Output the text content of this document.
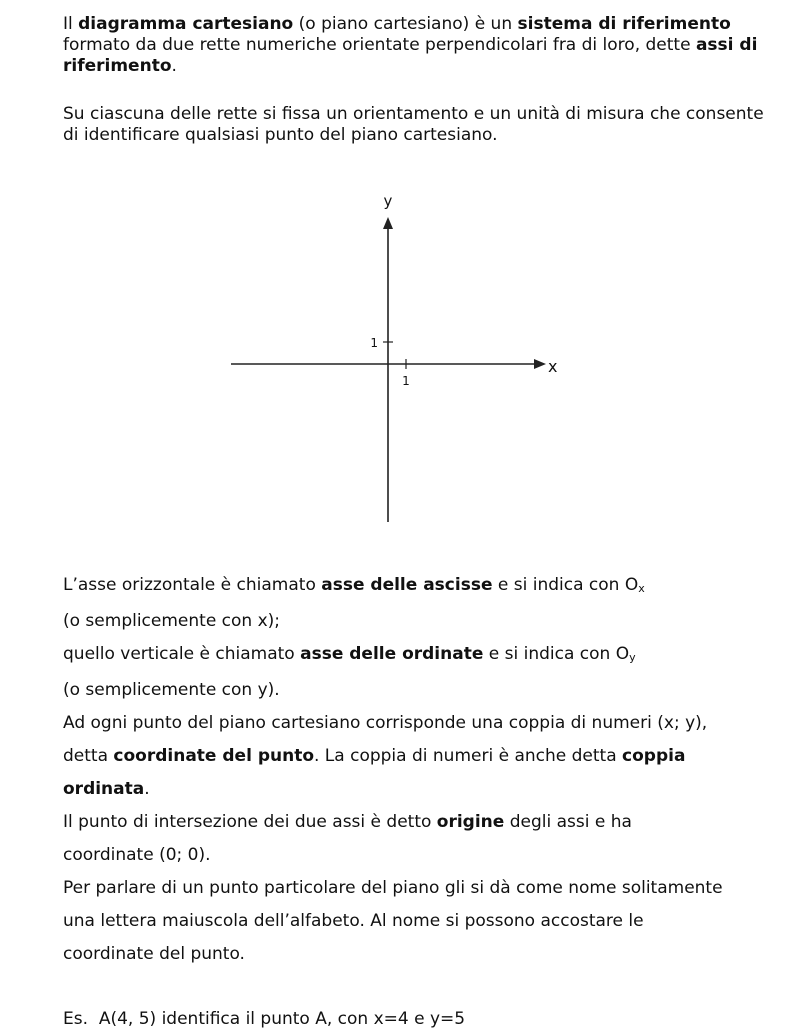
Il diagramma cartesiano (o piano cartesiano) è un sistema di riferimento formato da due rette numeriche orientate perpendicolari fra di loro, dette assi di riferimento.

Su ciascuna delle rette si fissa un orientamento e un unità di misura che consente di identificare qualsiasi punto del piano cartesiano.

y
x
1
1

L’asse orizzontale è chiamato asse delle ascisse e si indica con Ox

(o semplicemente con x);

quello verticale è chiamato asse delle ordinate e si indica con Oy

(o semplicemente con y).

Ad ogni punto del piano cartesiano corrisponde una coppia di numeri (x; y),

detta coordinate del punto. La coppia di numeri è anche detta coppia

ordinata.

Il punto di intersezione dei due assi è detto origine degli assi e ha

coordinate (0; 0).

Per parlare di un punto particolare del piano gli si dà come nome solitamente

una lettera maiuscola dell’alfabeto. Al nome si possono accostare le

coordinate del punto.

Es. A(4, 5) identifica il punto A, con x=4 e y=5
